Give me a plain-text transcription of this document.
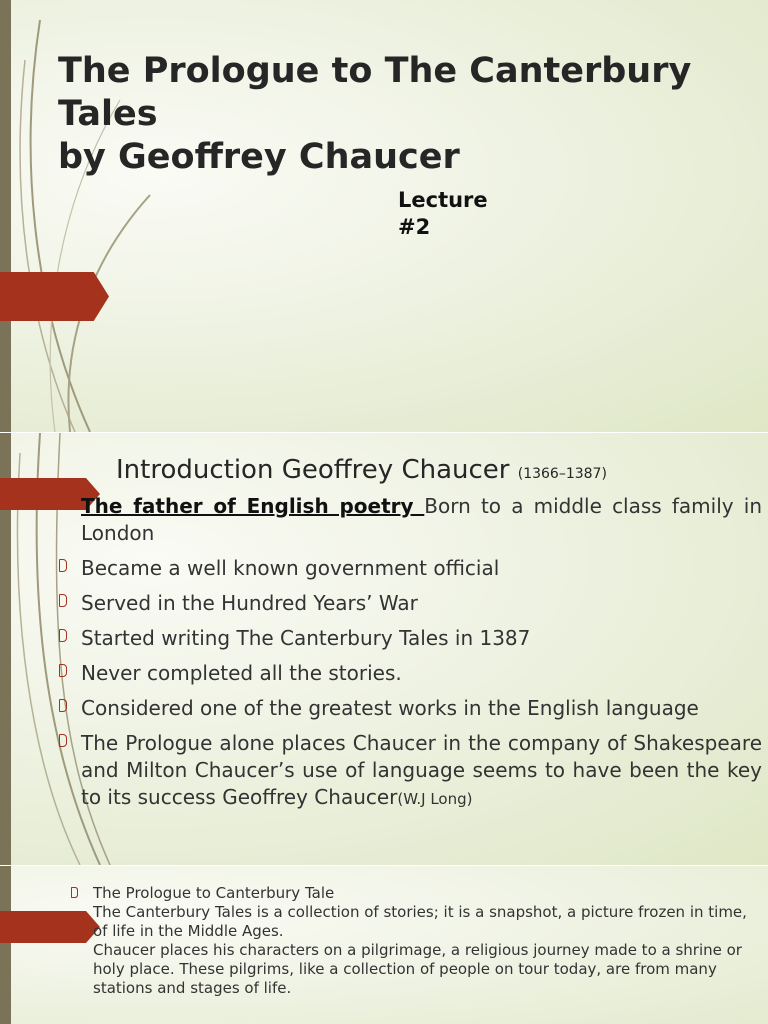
The Prologue to The Canterbury
Tales
by Geoffrey Chaucer
Lecture
#2
Introduction Geoffrey Chaucer (1366–1387)
The father of English poetry Born to a middle class family in London
Became a well known government official
Served in the Hundred Years’ War
Started writing The Canterbury Tales in 1387
Never completed all the stories.
Considered one of the greatest works in the English language
The Prologue alone places Chaucer in the company of Shakespeare and Milton Chaucer’s use of language seems to have been the key to its success Geoffrey Chaucer(W.J Long)
The Prologue to Canterbury Tale
The Canterbury Tales is a collection of stories; it is a snapshot, a picture frozen in time, of life in the Middle Ages.
Chaucer places his characters on a pilgrimage, a religious journey made to a shrine or holy place. These pilgrims, like a collection of people on tour today, are from many stations and stages of life.
